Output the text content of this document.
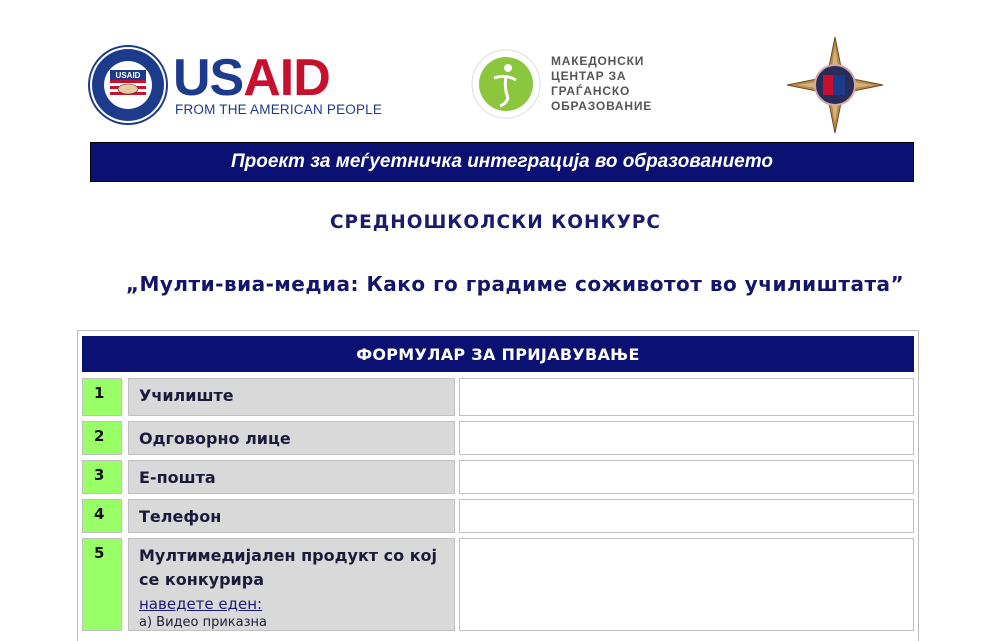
USAID USAID
FROM THE AMERICAN PEOPLE
МАКЕДОНСКИ
ЦЕНТАР ЗА
ГРАЃАНСКО
ОБРАЗОВАНИЕ
Проект за меѓуетничка интеграција во образованието
СРЕДНОШКОЛСКИ КОНКУРС
„Мулти-виа-медиа: Како го градиме соживотот во училиштата”
ФОРМУЛАР ЗА ПРИЈАВУВАЊЕ
1	Училиште
2	Одговорно лице
3	Е-пошта
4	Телефон
5	Мултимедијален продукт со кој се конкурира
наведете еден:
а) Видео приказна
